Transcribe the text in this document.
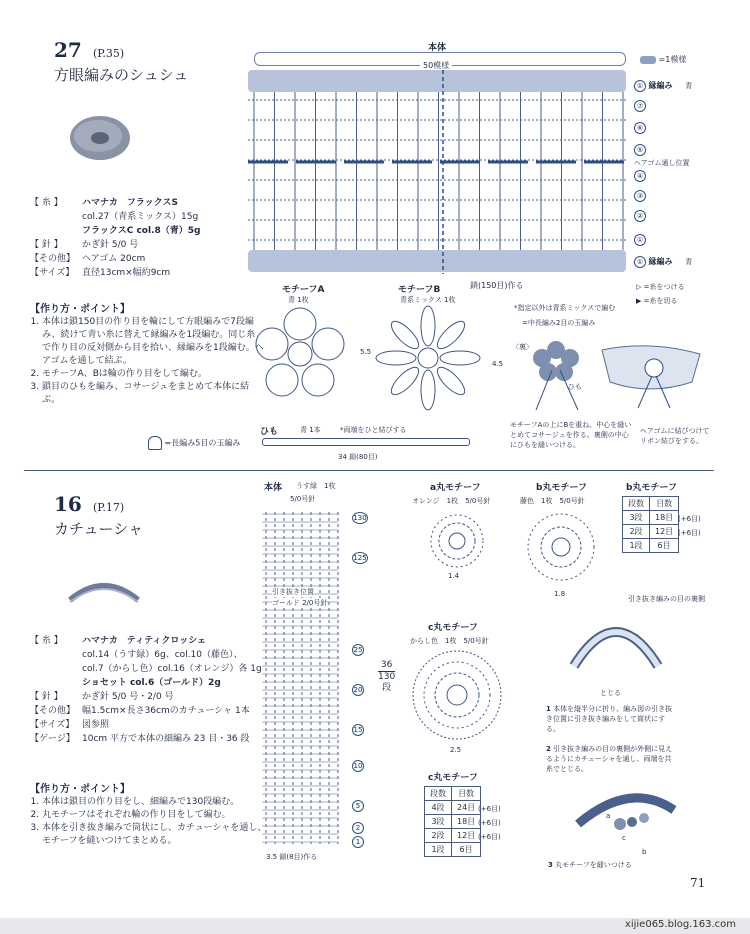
27 (P.35)
方眼編みのシュシュ
【 糸 】 ハマナカ　フラックスS
col.27（青系ミックス）15g
フラックスC col.8（青）5g
【 針 】 かぎ針 5/0 号
【その他】 ヘアゴム 20cm
【サイズ】 直径13cm×幅約9cm
【作り方・ポイント】
1. 本体は鎖150目の作り目を輪にして方眼編みで7段編み、続けて青い糸に替えて縁編みを1段編む。同じ糸で作り目の反対側から目を拾い、縁編みを1段編む。ヘアゴムを通して結ぶ。
2. モチーフA、Bは輪の作り目をして編む。
3. 鎖目のひもを編み、コサージュをまとめて本体に結ぶ。
=長編み5目の玉編み
本体
50模様
=1模様
① 縁編み 青
⑦
⑥
⑤
ヘアゴム通し位置
④
③
②
①
① 縁編み 青
鎖(150目)作る	▷ =糸をつける
▶ =糸を切る
モチーフA
青 1枚
モチーフB
青系ミックス 1枚
5.5
4.5
*指定以外は青系ミックスで編む
=中長編み2目の玉編み
〈裏〉
ひも
モチーフAの上にBを重ね、中心を縫いとめてコサージュを作る。裏側の中心にひもを縫いつける。
ヘアゴムに結びつけてリボン結びをする。
ひも	青 1本	*両端をひと結びする
34 鎖(80目)
16 (P.17)
カチューシャ
【 糸 】 ハマナカ　ティティクロッシェ
col.14（うす緑）6g、col.10（藤色）、
col.7（からし色）col.16（オレンジ）各 1g
ショセット col.6（ゴールド）2g
【 針 】 かぎ針 5/0 号・2/0 号
【その他】 幅1.5cm×長さ36cmのカチューシャ 1本
【サイズ】 図参照
【ゲージ】 10cm 平方で本体の細編み 23 目・36 段
【作り方・ポイント】
1. 本体は鎖目の作り目をし、細編みで130段編む。
2. 丸モチーフはそれぞれ輪の作り目をして編む。
3. 本体を引き抜き編みで筒状にし、カチューシャを通し、モチーフを縫いつけてまとめる。
本体 うす緑　1枚
5/0号針
引き抜き位置
ゴールド 2/0号針
130
125
25
20
15
10
5
2
1
36
130
段
3.5 鎖(8目)作る
a丸モチーフ
オレンジ　1枚　5/0号針
1.4
b丸モチーフ
藤色　1枚　5/0号針
1.8
b丸モチーフ
段数	目数
3段	18目
2段	12目
1段	6目
(+6目)
(+6目)
c丸モチーフ
からし色　1枚　5/0号針
2.5
c丸モチーフ
段数	目数
4段	24目
3段	18目
2段	12目
1段	6目
(+6目)
(+6目)
(+6目)
引き抜き編みの目の裏側
とじる
1 本体を縦半分に折り、編み図の引き抜き位置に引き抜き編みをして筒状にする。
2 引き抜き編みの目の裏側が外側に見えるようにカチューシャを通し、両端を共糸でとじる。
a
c
b
3 丸モチーフを縫いつける
71
xijie065.blog.163.com
